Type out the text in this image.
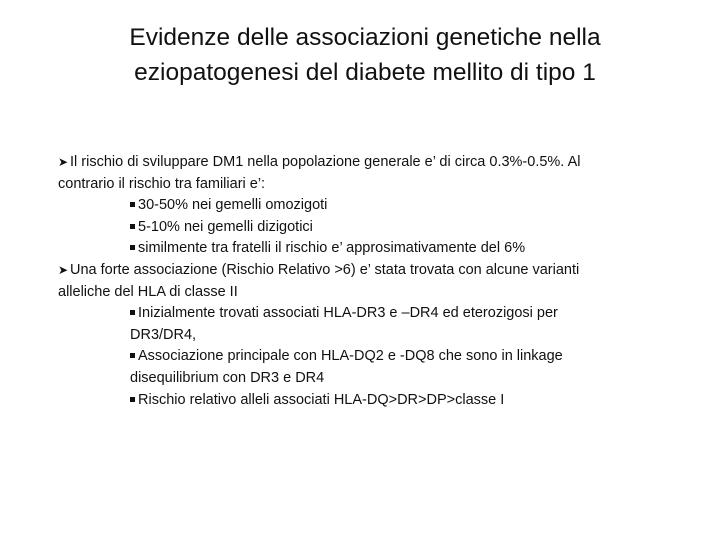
Evidenze delle associazioni genetiche nella
eziopatogenesi del diabete mellito di tipo 1
➤ Il rischio di sviluppare DM1 nella popolazione generale e’ di circa 0.3%-0.5%. Al
contrario il rischio tra familiari e’:
30-50% nei gemelli omozigoti
5-10% nei gemelli dizigotici
similmente tra fratelli il rischio e’ approsimativamente del 6%
➤ Una forte associazione (Rischio Relativo >6) e’ stata trovata con alcune varianti
alleliche del HLA di classe II
Inizialmente trovati associati HLA-DR3 e –DR4 ed eterozigosi per
DR3/DR4,
Associazione principale con HLA-DQ2 e -DQ8 che sono in linkage
disequilibrium con DR3 e DR4
Rischio relativo alleli associati HLA-DQ>DR>DP>classe I
